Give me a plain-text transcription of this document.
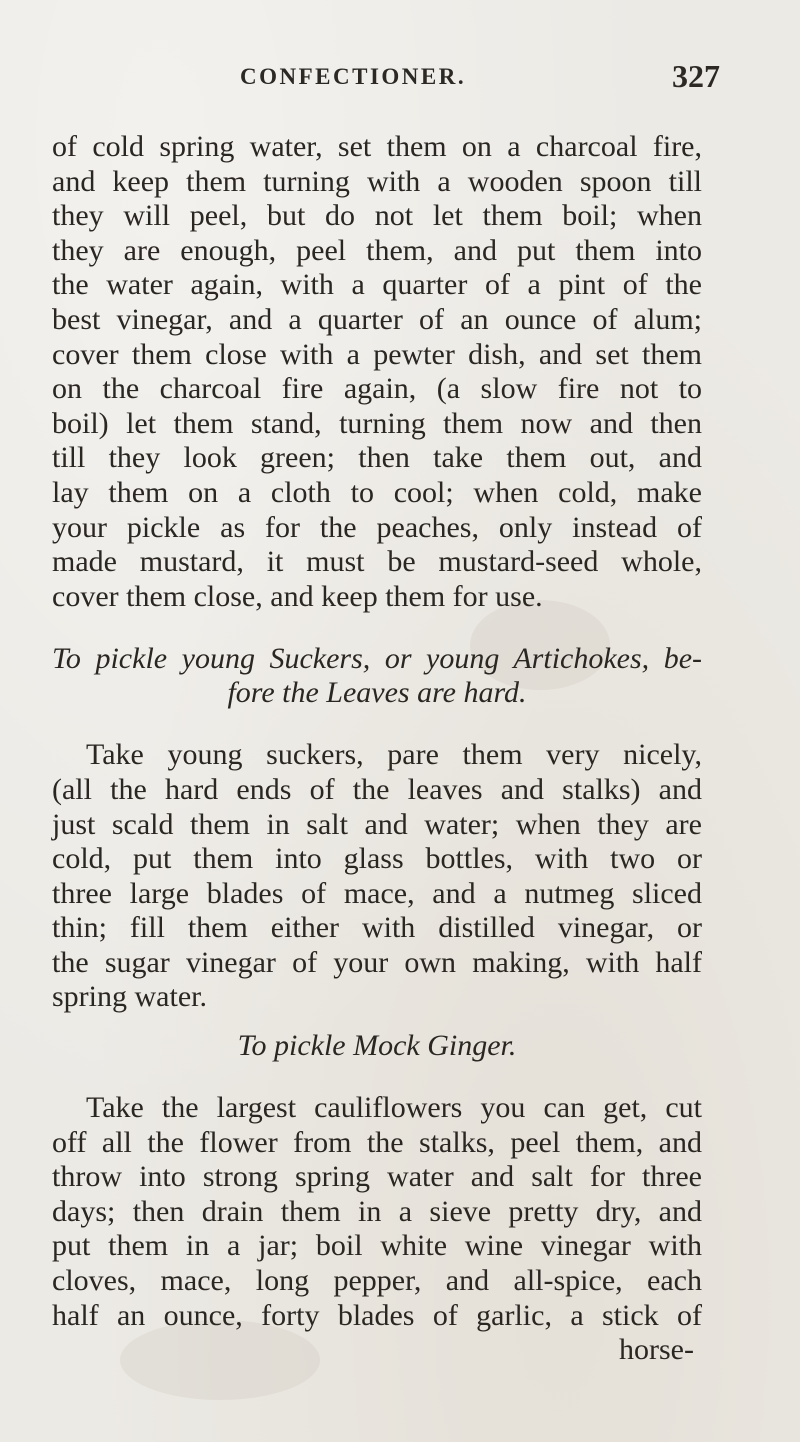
CONFECTIONER.	327
of cold spring water, set them on a charcoal fire,
and keep them turning with a wooden spoon till
they will peel, but do not let them boil; when
they are enough, peel them, and put them into
the water again, with a quarter of a pint of the
best vinegar, and a quarter of an ounce of alum;
cover them close with a pewter dish, and set them
on the charcoal fire again, (a slow fire not to
boil) let them stand, turning them now and then
till they look green; then take them out, and
lay them on a cloth to cool; when cold, make
your pickle as for the peaches, only instead of
made mustard, it must be mustard-seed whole,
cover them close, and keep them for use.
To pickle young Suckers, or young Artichokes, be-
fore the Leaves are hard.
Take young suckers, pare them very nicely,
(all the hard ends of the leaves and stalks) and
just scald them in salt and water; when they are
cold, put them into glass bottles, with two or
three large blades of mace, and a nutmeg sliced
thin; fill them either with distilled vinegar, or
the sugar vinegar of your own making, with half
spring water.
To pickle Mock Ginger.
Take the largest cauliflowers you can get, cut
off all the flower from the stalks, peel them, and
throw into strong spring water and salt for three
days; then drain them in a sieve pretty dry, and
put them in a jar; boil white wine vinegar with
cloves, mace, long pepper, and all-spice, each
half an ounce, forty blades of garlic, a stick of
horse-
